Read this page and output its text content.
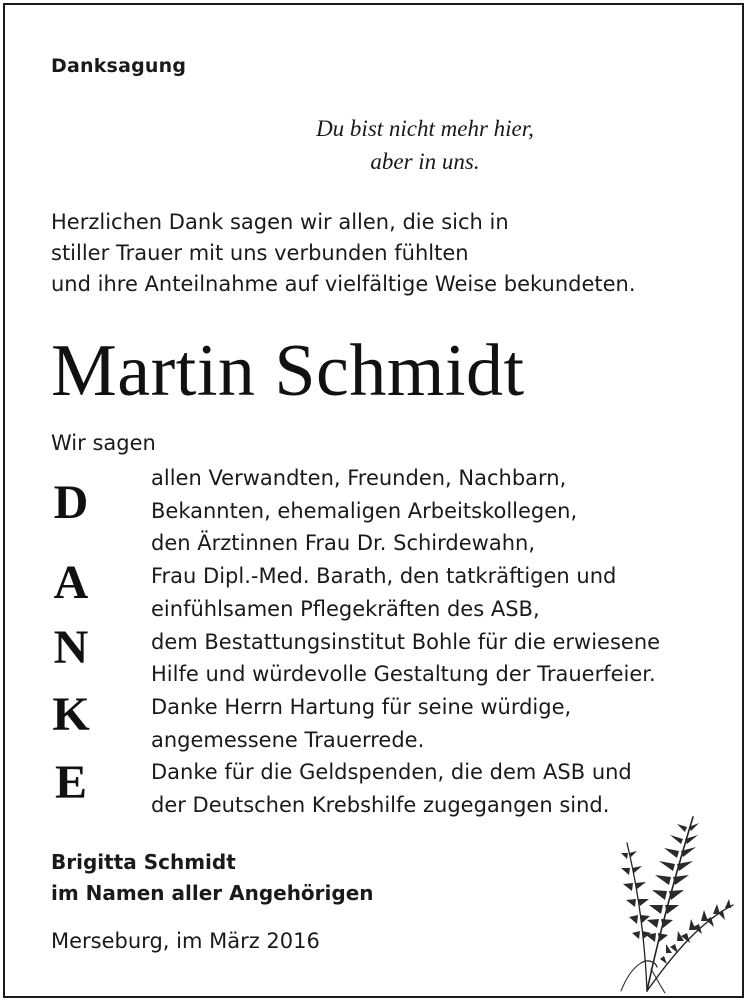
Danksagung
Du bist nicht mehr hier,
aber in uns.
Herzlichen Dank sagen wir allen, die sich in
stiller Trauer mit uns verbunden fühlten
und ihre Anteilnahme auf vielfältige Weise bekundeten.
Martin Schmidt
Wir sagen
D
A
N
K
E
allen Verwandten, Freunden, Nachbarn,
Bekannten, ehemaligen Arbeitskollegen,
den Ärztinnen Frau Dr. Schirdewahn,
Frau Dipl.-Med. Barath, den tatkräftigen und
einfühlsamen Pflegekräften des ASB,
dem Bestattungsinstitut Bohle für die erwiesene
Hilfe und würdevolle Gestaltung der Trauerfeier.
Danke Herrn Hartung für seine würdige,
angemessene Trauerrede.
Danke für die Geldspenden, die dem ASB und
der Deutschen Krebshilfe zugegangen sind.
Brigitta Schmidt
im Namen aller Angehörigen
Merseburg, im März 2016
